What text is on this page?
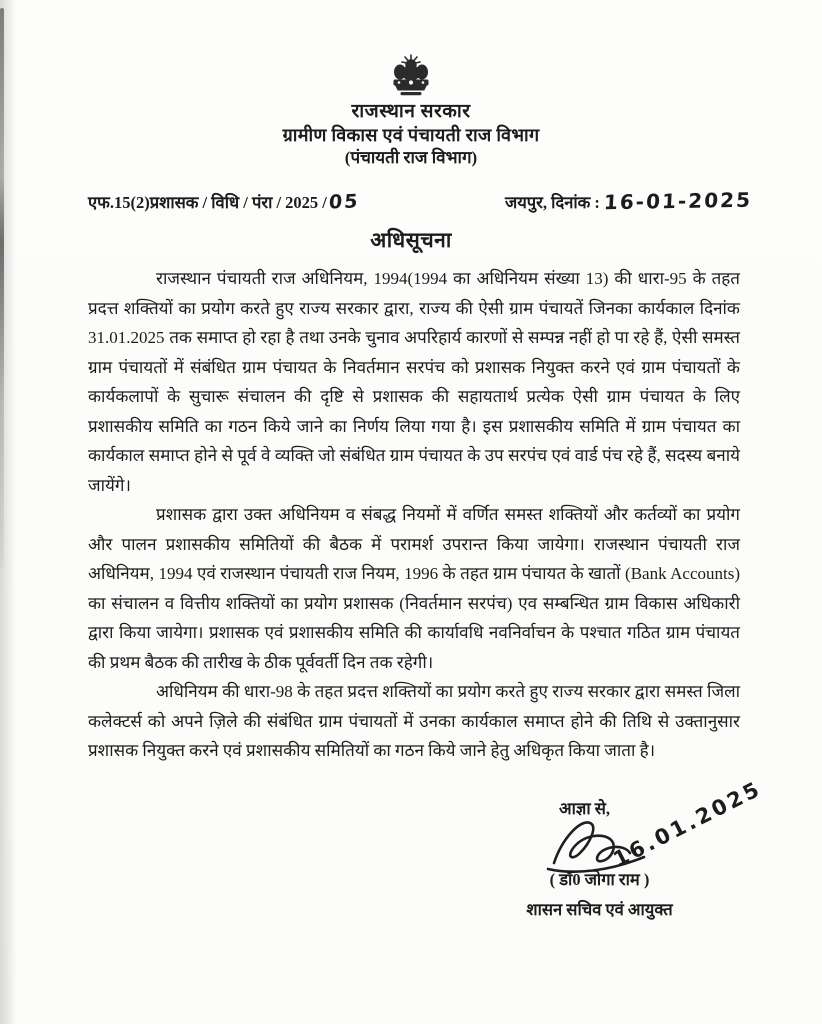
राजस्थान सरकार
ग्रामीण विकास एवं पंचायती राज विभाग
(पंचायती राज विभाग)
एफ.15(2)प्रशासक / विधि / पंरा / 2025 /05	जयपुर, दिनांक : 16-01-2025
अधिसूचना

राजस्थान पंचायती राज अधिनियम, 1994(1994 का अधिनियम संख्या 13) की धारा-95 के तहत प्रदत्त शक्तियों का प्रयोग करते हुए राज्य सरकार द्वारा, राज्य की ऐसी ग्राम पंचायतें जिनका कार्यकाल दिनांक 31.01.2025 तक समाप्त हो रहा है तथा उनके चुनाव अपरिहार्य कारणों से सम्पन्न नहीं हो पा रहे हैं, ऐसी समस्त ग्राम पंचायतों में संबंधित ग्राम पंचायत के निवर्तमान सरपंच को प्रशासक नियुक्त करने एवं ग्राम पंचायतों के कार्यकलापों के सुचारू संचालन की दृष्टि से प्रशासक की सहायतार्थ प्रत्येक ऐसी ग्राम पंचायत के लिए प्रशासकीय समिति का गठन किये जाने का निर्णय लिया गया है। इस प्रशासकीय समिति में ग्राम पंचायत का कार्यकाल समाप्त होने से पूर्व वे व्यक्ति जो संबंधित ग्राम पंचायत के उप सरपंच एवं वार्ड पंच रहे हैं, सदस्य बनाये जायेंगे।

प्रशासक द्वारा उक्त अधिनियम व संबद्ध नियमों में वर्णित समस्त शक्तियों और कर्तव्यों का प्रयोग और पालन प्रशासकीय समितियों की बैठक में परामर्श उपरान्त किया जायेगा। राजस्थान पंचायती राज अधिनियम, 1994 एवं राजस्थान पंचायती राज नियम, 1996 के तहत ग्राम पंचायत के खातों (Bank Accounts) का संचालन व वित्तीय शक्तियों का प्रयोग प्रशासक (निवर्तमान सरपंच) एव सम्बन्धित ग्राम विकास अधिकारी द्वारा किया जायेगा। प्रशासक एवं प्रशासकीय समिति की कार्यावधि नवनिर्वाचन के पश्चात गठित ग्राम पंचायत की प्रथम बैठक की तारीख के ठीक पूर्ववर्ती दिन तक रहेगी।

अधिनियम की धारा-98 के तहत प्रदत्त शक्तियों का प्रयोग करते हुए राज्य सरकार द्वारा समस्त जिला कलेक्टर्स को अपने ज़िले की संबंधित ग्राम पंचायतों में उनका कार्यकाल समाप्त होने की तिथि से उक्तानुसार प्रशासक नियुक्त करने एवं प्रशासकीय समितियों का गठन किये जाने हेतु अधिकृत किया जाता है।

आज्ञा से, 16.01.2025
( डॉ0 जोगा राम )
शासन सचिव एवं आयुक्त
